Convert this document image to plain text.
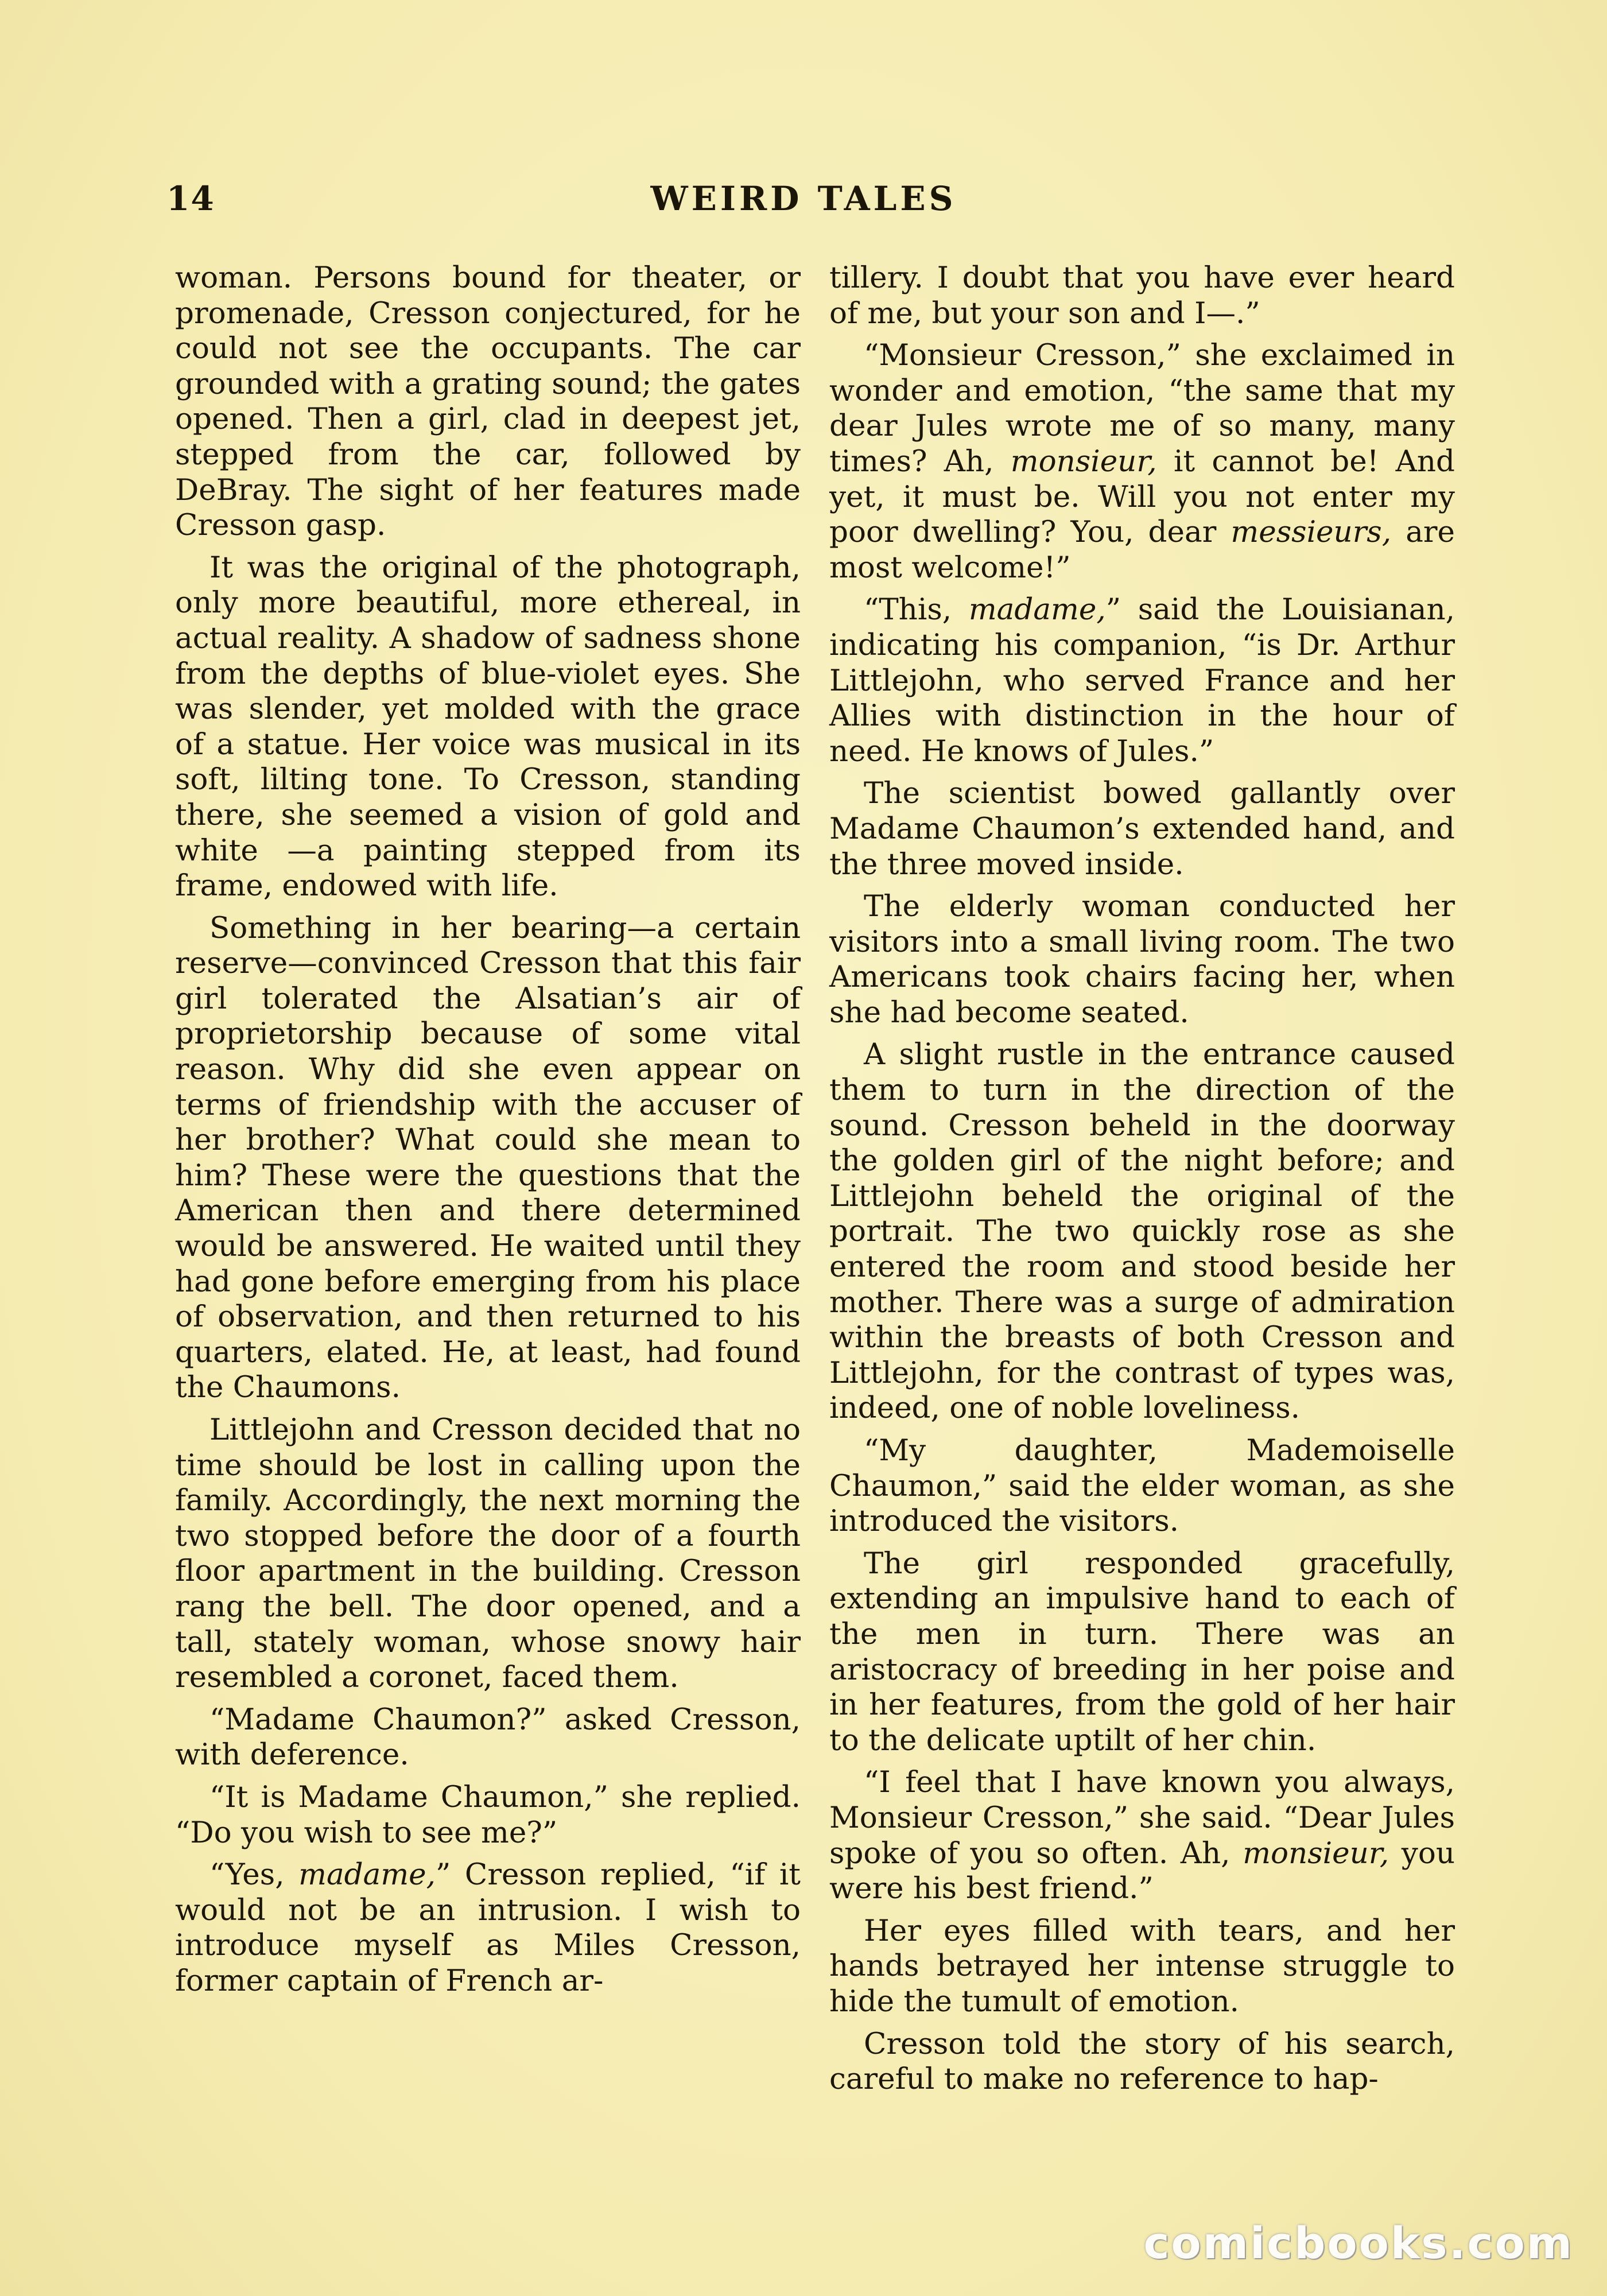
14	WEIRD TALES

woman. Persons bound for theater, or promenade, Cresson conjectured, for he could not see the occupants. The car grounded with a grating sound; the gates opened. Then a girl, clad in deepest jet, stepped from the car, followed by DeBray. The sight of her features made Cresson gasp.

It was the original of the photograph, only more beautiful, more ethereal, in actual reality. A shadow of sadness shone from the depths of blue-violet eyes. She was slender, yet molded with the grace of a statue. Her voice was musical in its soft, lilting tone. To Cresson, standing there, she seemed a vision of gold and white —a painting stepped from its frame, endowed with life.

Something in her bearing—a certain reserve—convinced Cresson that this fair girl tolerated the Alsatian’s air of proprietorship because of some vital reason. Why did she even appear on terms of friendship with the accuser of her brother? What could she mean to him? These were the questions that the American then and there determined would be answered. He waited until they had gone before emerging from his place of observation, and then returned to his quarters, elated. He, at least, had found the Chaumons.

Littlejohn and Cresson decided that no time should be lost in calling upon the family. Accordingly, the next morning the two stopped before the door of a fourth floor apartment in the building. Cresson rang the bell. The door opened, and a tall, stately woman, whose snowy hair resembled a coronet, faced them.

“Madame Chaumon?” asked Cresson, with deference.

“It is Madame Chaumon,” she replied. “Do you wish to see me?”

“Yes, madame,” Cresson replied, “if it would not be an intrusion. I wish to introduce myself as Miles Cresson, former captain of French ar-

tillery. I doubt that you have ever heard of me, but your son and I—.”

“Monsieur Cresson,” she exclaimed in wonder and emotion, “the same that my dear Jules wrote me of so many, many times? Ah, monsieur, it cannot be! And yet, it must be. Will you not enter my poor dwelling? You, dear messieurs, are most welcome!”

“This, madame,” said the Louisianan, indicating his companion, “is Dr. Arthur Littlejohn, who served France and her Allies with distinction in the hour of need. He knows of Jules.”

The scientist bowed gallantly over Madame Chaumon’s extended hand, and the three moved inside.

The elderly woman conducted her visitors into a small living room. The two Americans took chairs facing her, when she had become seated.

A slight rustle in the entrance caused them to turn in the direction of the sound. Cresson beheld in the doorway the golden girl of the night before; and Littlejohn beheld the original of the portrait. The two quickly rose as she entered the room and stood beside her mother. There was a surge of admiration within the breasts of both Cresson and Littlejohn, for the contrast of types was, indeed, one of noble loveliness.

“My daughter, Mademoiselle Chaumon,” said the elder woman, as she introduced the visitors.

The girl responded gracefully, extending an impulsive hand to each of the men in turn. There was an aristocracy of breeding in her poise and in her features, from the gold of her hair to the delicate uptilt of her chin.

“I feel that I have known you always, Monsieur Cresson,” she said. “Dear Jules spoke of you so often. Ah, monsieur, you were his best friend.”

Her eyes filled with tears, and her hands betrayed her intense struggle to hide the tumult of emotion.

Cresson told the story of his search, careful to make no reference to hap-

comicbooks.com
